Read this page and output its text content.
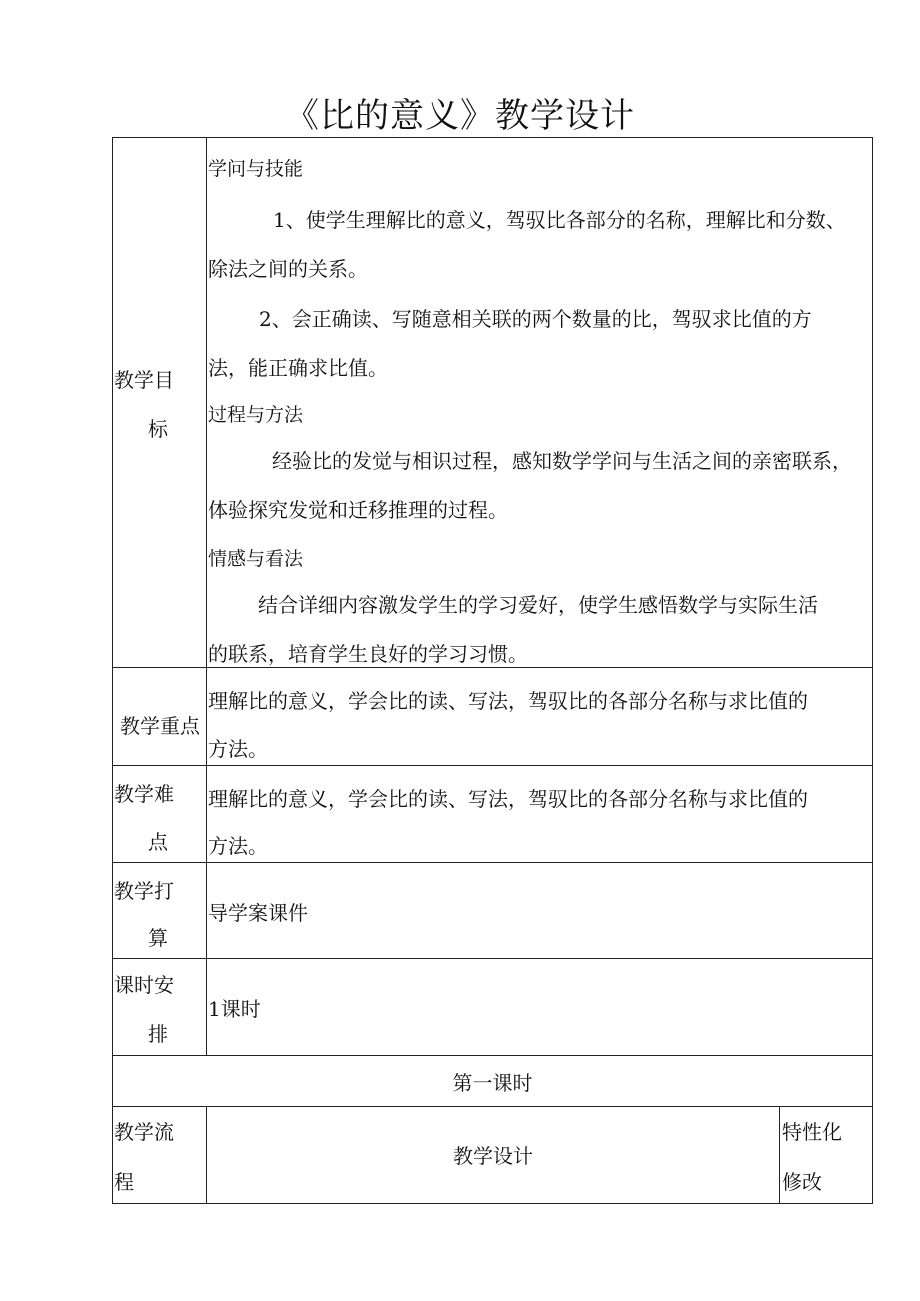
《比的意义》教学设计
教学目
标
学问与技能
1、使学生理解比的意义，驾驭比各部分的名称，理解比和分数、
除法之间的关系。
2、会正确读、写随意相关联的两个数量的比，驾驭求比值的方
法，能正确求比值。
过程与方法
经验比的发觉与相识过程，感知数学学问与生活之间的亲密联系，
体验探究发觉和迁移推理的过程。
情感与看法
结合详细内容激发学生的学习爱好，使学生感悟数学与实际生活
的联系，培育学生良好的学习习惯。
教学重点
理解比的意义，学会比的读、写法，驾驭比的各部分名称与求比值的
方法。
教学难
点
理解比的意义，学会比的读、写法，驾驭比的各部分名称与求比值的
方法。
教学打
算
导学案课件
课时安
排
1课时
第一课时
教学流
程
教学设计
特性化
修改
